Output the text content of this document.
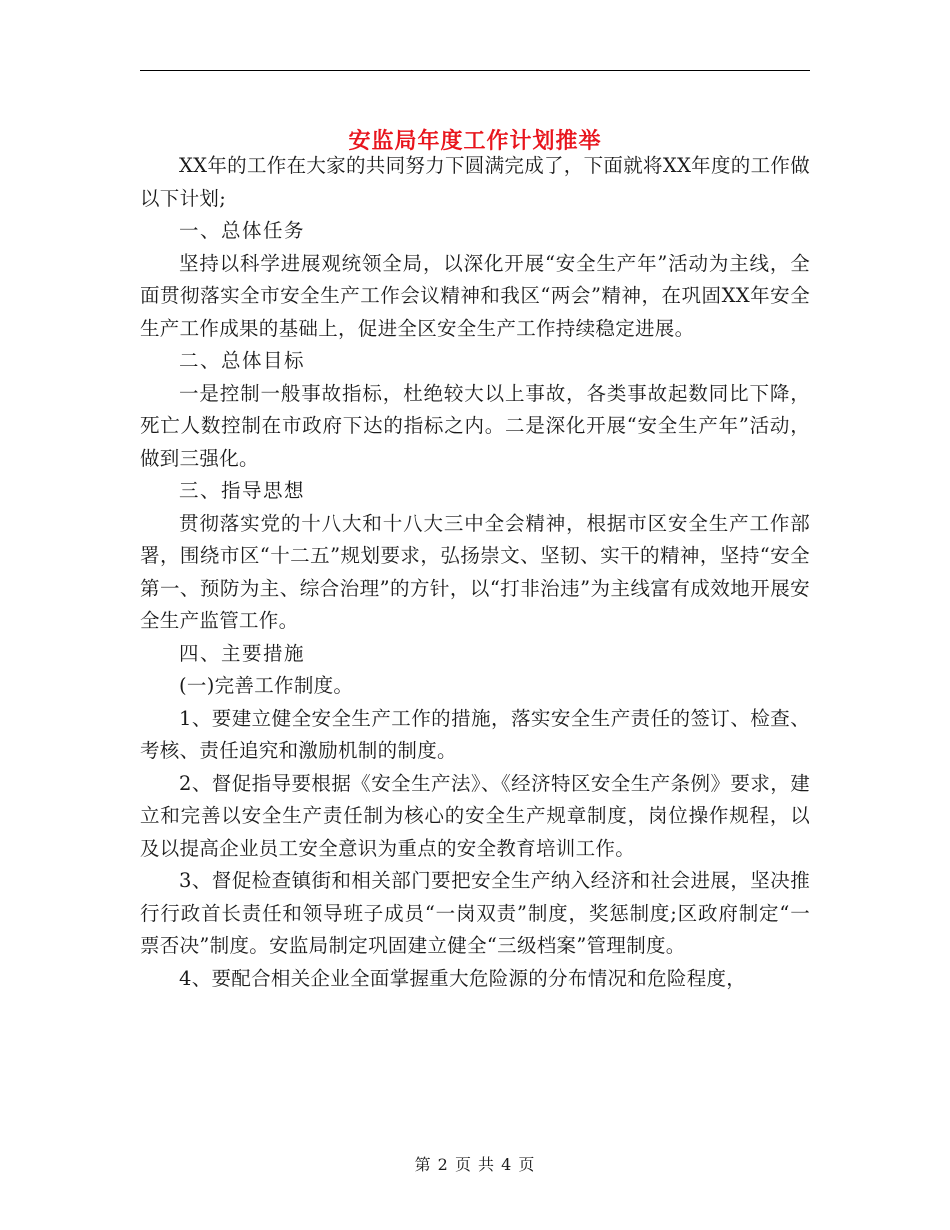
安监局年度工作计划推举

XX年的工作在大家的共同努力下圆满完成了，下面就将XX年度的工作做以下计划;

一、总体任务

坚持以科学进展观统领全局，以深化开展“安全生产年”活动为主线，全面贯彻落实全市安全生产工作会议精神和我区“两会”精神，在巩固XX年安全生产工作成果的基础上，促进全区安全生产工作持续稳定进展。

二、总体目标

一是控制一般事故指标，杜绝较大以上事故，各类事故起数同比下降，死亡人数控制在市政府下达的指标之内。二是深化开展“安全生产年”活动，做到三强化。

三、指导思想

贯彻落实党的十八大和十八大三中全会精神，根据市区安全生产工作部署，围绕市区“十二五”规划要求，弘扬崇文、坚韧、实干的精神，坚持“安全第一、预防为主、综合治理”的方针，以“打非治违”为主线富有成效地开展安全生产监管工作。

四、主要措施

(一)完善工作制度。

1、要建立健全安全生产工作的措施，落实安全生产责任的签订、检查、考核、责任追究和激励机制的制度。

2、督促指导要根据《安全生产法》、《经济特区安全生产条例》要求，建立和完善以安全生产责任制为核心的安全生产规章制度，岗位操作规程，以及以提高企业员工安全意识为重点的安全教育培训工作。

3、督促检查镇街和相关部门要把安全生产纳入经济和社会进展，坚决推行行政首长责任和领导班子成员“一岗双责”制度，奖惩制度;区政府制定“一票否决”制度。安监局制定巩固建立健全“三级档案”管理制度。

4、要配合相关企业全面掌握重大危险源的分布情况和危险程度，

第 2 页 共 4 页
